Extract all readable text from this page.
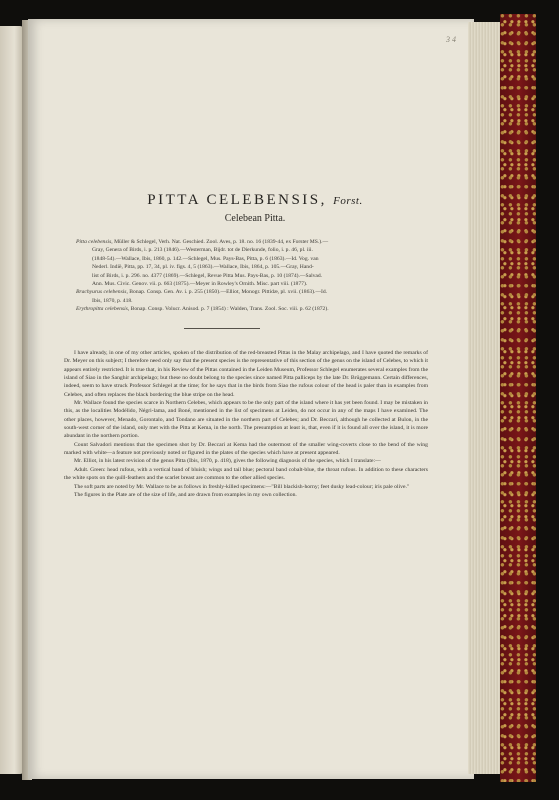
3 4
PITTA CELEBENSIS, Forst.
Celebean Pitta.
Pitta celebensis, Müller & Schlegel, Verh. Nat. Geschied. Zool. Aves, p. 18. no. 16 (1839-44, ex Forster MS.).—
Gray, Genera of Birds, i. p. 213 (1846).—Westerman, Bijdr. tot de Dierkunde, folio, i. p. 46, pl. iii.
(1848-54).—Wallace, Ibis, 1860, p. 142.—Schlegel, Mus. Pays-Bas, Pitta, p. 6 (1863).—Id. Vog. van
Nederl. Indië, Pitta, pp. 17, 34, pl. iv. figs. 4, 5 (1863).—Wallace, Ibis, 1864, p. 105.—Gray, Hand-
list of Birds, i. p. 296. no. 4377 (1869).—Schlegel, Revue Pitta Mus. Pays-Bas, p. 10 (1874).—Salvad.
Ann. Mus. Civic. Genov. vii. p. 663 (1875).—Meyer in Rowley's Ornith. Misc. part viii. (1877).
Brachyurus celebensis, Bonap. Consp. Gen. Av. i. p. 255 (1850).—Elliot, Monogr. Pittidæ, pl. xvii. (1863).—Id.
Ibis, 1870, p. 418.
Erythropitta celebensis, Bonap. Consp. Volucr. Anisod. p. 7 (1854) : Walden, Trans. Zool. Soc. viii. p. 62 (1872).

I have already, in one of my other articles, spoken of the distribution of the red-breasted Pittas in the Malay archipelago, and I have quoted the remarks of Dr. Meyer on this subject; I therefore need only say that the present species is the representative of this section of the genus on the island of Celebes, to which it appears entirely restricted. It is true that, in his Review of the Pittas contained in the Leiden Museum, Professor Schlegel enumerates several examples from the island of Siao in the Sanghir archipelago; but these no doubt belong to the species since named Pitta palliceps by the late Dr. Brüggemann. Certain differences, indeed, seem to have struck Professor Schlegel at the time; for he says that in the birds from Siao the rufous colour of the head is paler than in examples from Celebes, and often replaces the black bordering the blue stripe on the head.

Mr. Wallace found the species scarce in Northern Celebes, which appears to be the only part of the island where it has yet been found. I may be mistaken in this, as the localities Modélido, Négri-lama, and Boné, mentioned in the list of specimens at Leiden, do not occur in any of the maps I have examined. The other places, however, Menado, Gorontalo, and Tondano are situated in the northern part of Celebes; and Dr. Beccari, although he collected at Bulon, in the south-west corner of the island, only met with the Pitta at Kema, in the north. The presumption at least is, that, even if it is found all over the island, it is more abundant in the northern portion.

Count Salvadori mentions that the specimen shot by Dr. Beccari at Kema had the outermost of the smaller wing-coverts close to the bend of the wing marked with white—a feature not previously noted or figured in the plates of the species which have at present appeared.

Mr. Elliot, in his latest revision of the genus Pitta (Ibis, 1870, p. 418), gives the following diagnosis of the species, which I translate:—

Adult. Green: head rufous, with a vertical band of bluish; wings and tail blue; pectoral band cobalt-blue, the throat rufous. In addition to these characters the white spots on the quill-feathers and the scarlet breast are common to the other allied species.

The soft parts are noted by Mr. Wallace to be as follows in freshly-killed specimens:—"Bill blackish-horny; feet dusky lead-colour; iris pale olive."

The figures in the Plate are of the size of life, and are drawn from examples in my own collection.
